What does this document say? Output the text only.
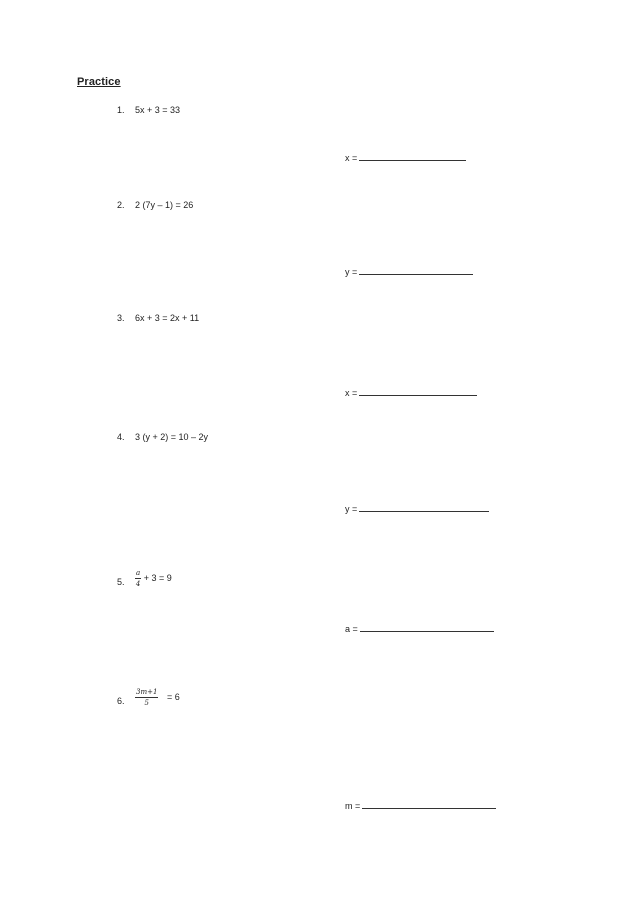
Practice
1. 5x + 3 = 33
x =
2. 2 (7y – 1) = 26
y =
3. 6x + 3 = 2x + 11
x =
4. 3 (y + 2) = 10 – 2y
y =
5. $\frac{a}{4} + 3 = 9$
a =
6. $\frac{3m+1}{5} = 6$
m =
